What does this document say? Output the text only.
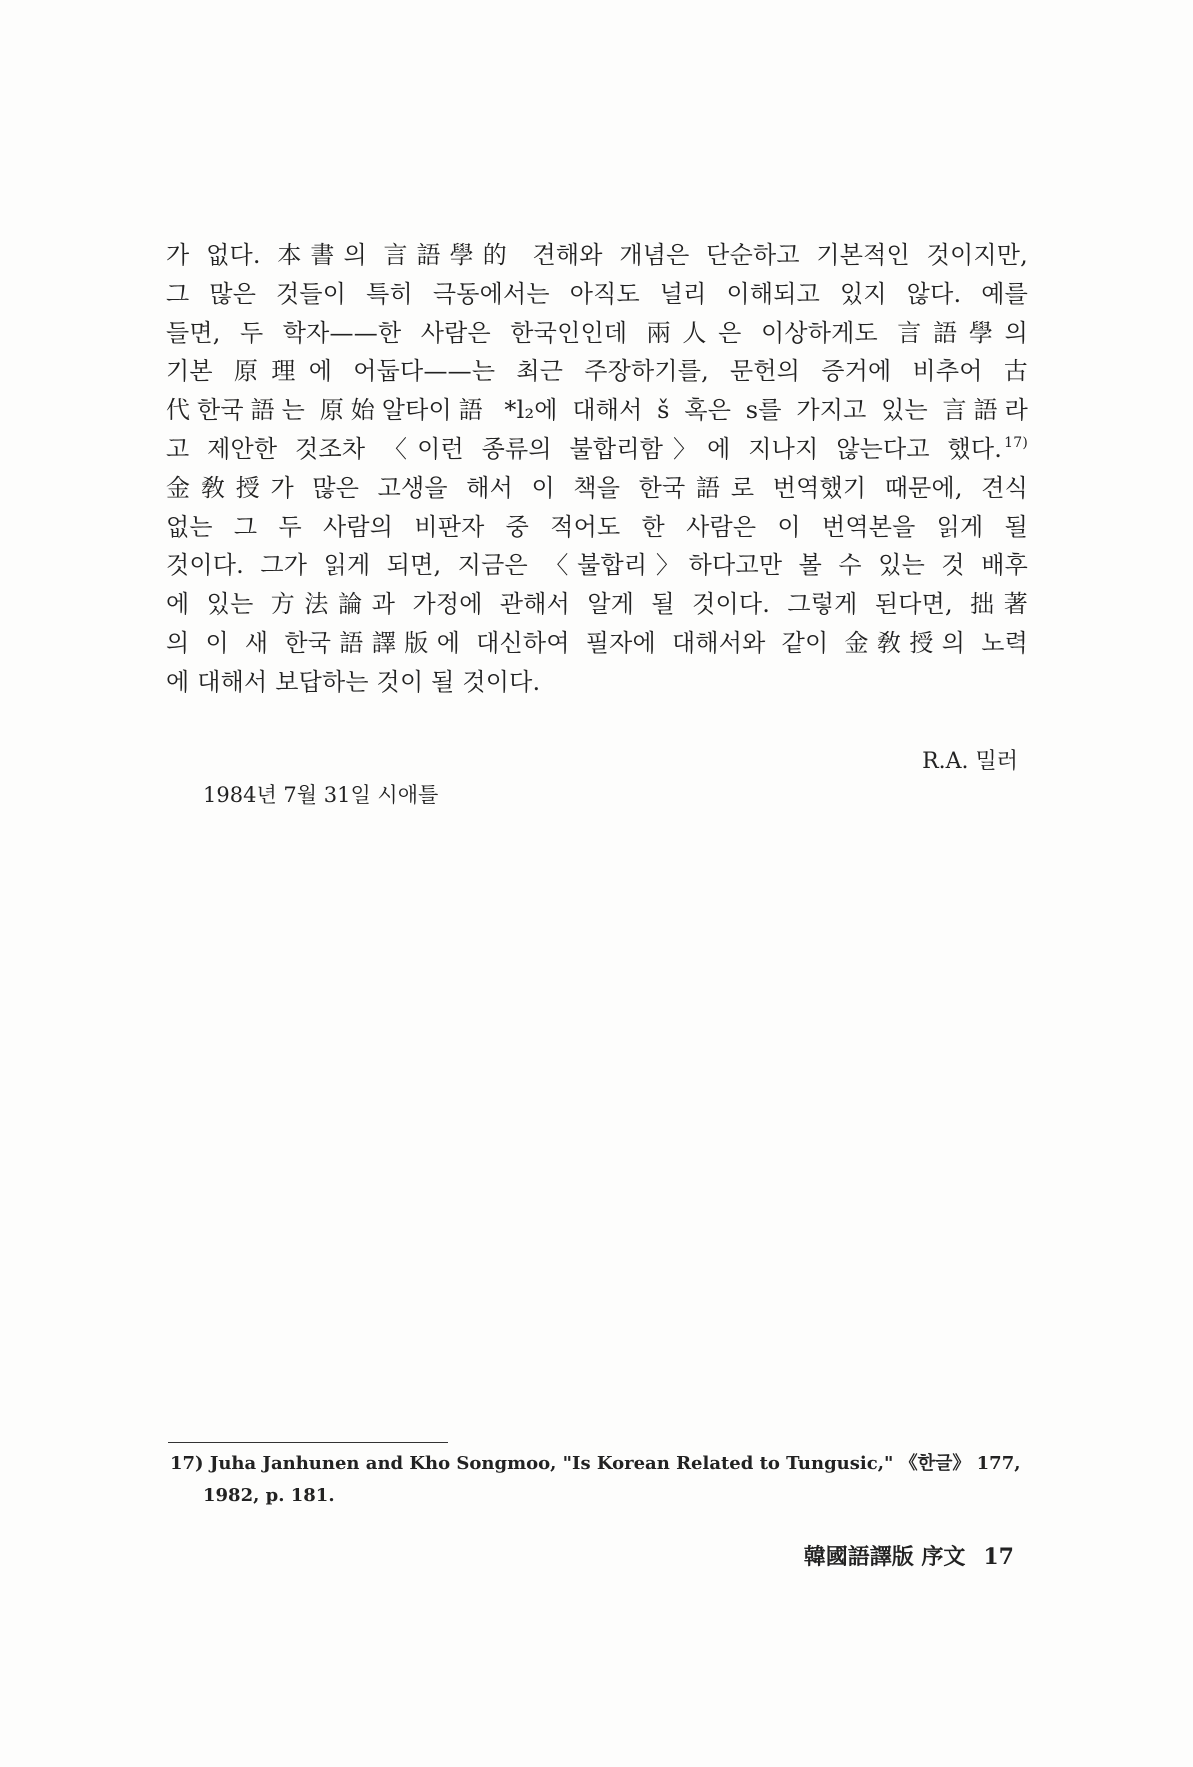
가 없다. 本書의 言語學的 견해와 개념은 단순하고 기본적인 것이지만,
그 많은 것들이 특히 극동에서는 아직도 널리 이해되고 있지 않다. 예를
들면, 두 학자——한 사람은 한국인인데 兩人은 이상하게도 言語學의
기본 原理에 어둡다——는 최근 주장하기를, 문헌의 증거에 비추어 古
代한국語는 原始알타이語 *l₂에 대해서 š 혹은 s를 가지고 있는 言語라
고 제안한 것조차 〈이런 종류의 불합리함〉에 지나지 않는다고 했다. $^{17)}$
金敎授가 많은 고생을 해서 이 책을 한국語로 번역했기 때문에, 견식
없는 그 두 사람의 비판자 중 적어도 한 사람은 이 번역본을 읽게 될
것이다. 그가 읽게 되면, 지금은 〈불합리〉하다고만 볼 수 있는 것 배후
에 있는 方法論과 가정에 관해서 알게 될 것이다. 그렇게 된다면, 拙著
의 이 새 한국語譯版에 대신하여 필자에 대해서와 같이 金敎授의 노력
에 대해서 보답하는 것이 될 것이다.
R.A. 밀러
1984년 7월 31일 시애틀
17) Juha Janhunen and Kho Songmoo, "Is Korean Related to Tungusic," 《한글》 177,
1982, p. 181.
韓國語譯版 序文 17
